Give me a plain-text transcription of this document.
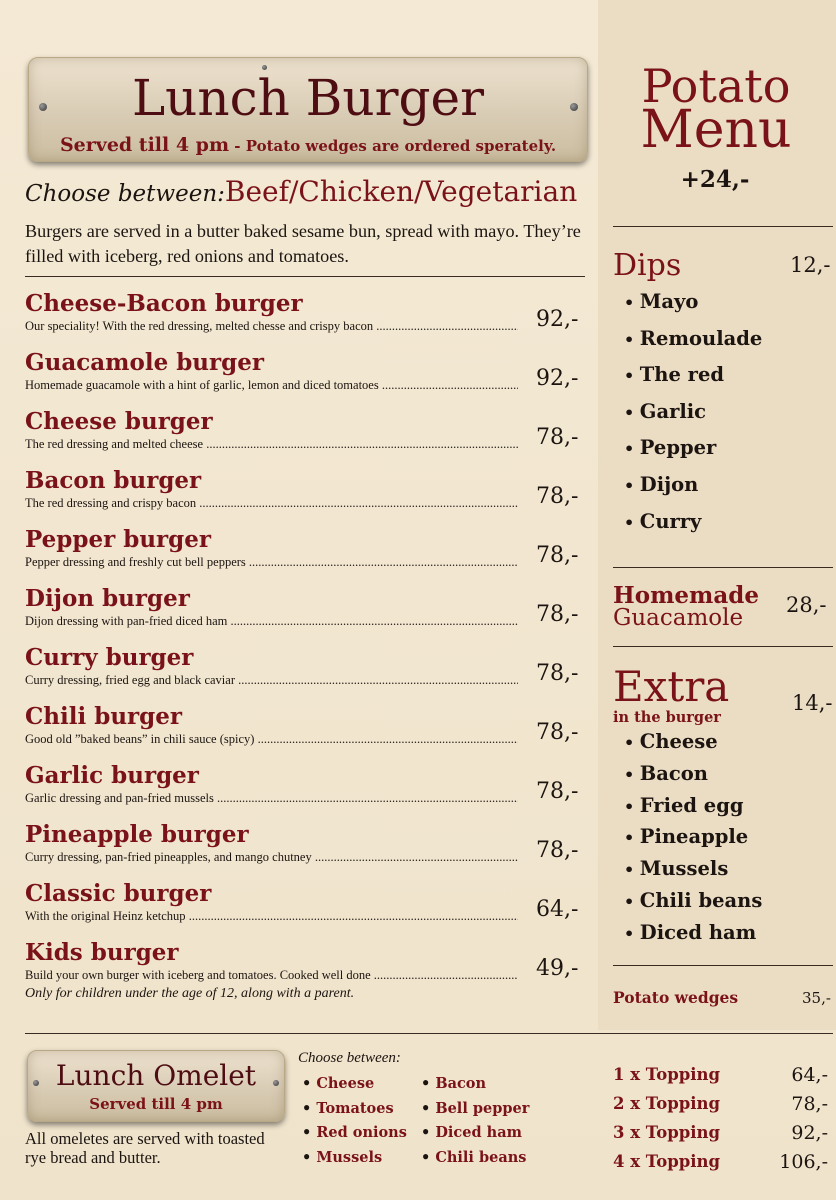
Lunch Burger
Served till 4 pm - Potato wedges are ordered sperately.
Choose between:Beef/Chicken/Vegetarian
Burgers are served in a butter baked sesame bun, spread with mayo. They’re filled with iceberg, red onions and tomatoes.
Cheese-Bacon burger
Our speciality! With the red dressing, melted chesse and crispy bacon .....	92,-
Guacamole burger
Homemade guacamole with a hint of garlic, lemon and diced tomatoes .....	92,-
Cheese burger
The red dressing and melted cheese .....	78,-
Bacon burger
The red dressing and crispy bacon .....	78,-
Pepper burger
Pepper dressing and freshly cut bell peppers .....	78,-
Dijon burger
Dijon dressing with pan-fried diced ham .....	78,-
Curry burger
Curry dressing, fried egg and black caviar .....	78,-
Chili burger
Good old ”baked beans” in chili sauce (spicy) .....	78,-
Garlic burger
Garlic dressing and pan-fried mussels .....	78,-
Pineapple burger
Curry dressing, pan-fried pineapples, and mango chutney .....	78,-
Classic burger
With the original Heinz ketchup .....	64,-
Kids burger
Build your own burger with iceberg and tomatoes. Cooked well done .....	49,-
Only for children under the age of 12, along with a parent.
Potato
Menu
+24,-
Dips	12,-
• Mayo
• Remoulade
• The red
• Garlic
• Pepper
• Dijon
• Curry
Homemade
Guacamole	28,-
Extra
in the burger
14,-
• Cheese
• Bacon
• Fried egg
• Pineapple
• Mussels
• Chili beans
• Diced ham
Potato wedges	35,-
Lunch Omelet
Served till 4 pm
All omeletes are served with toasted rye bread and butter.
Choose between:
• Cheese
• Tomatoes
• Red onions
• Mussels
• Bacon
• Bell pepper
• Diced ham
• Chili beans
1 x Topping	64,-
2 x Topping	78,-
3 x Topping	92,-
4 x Topping	106,-
